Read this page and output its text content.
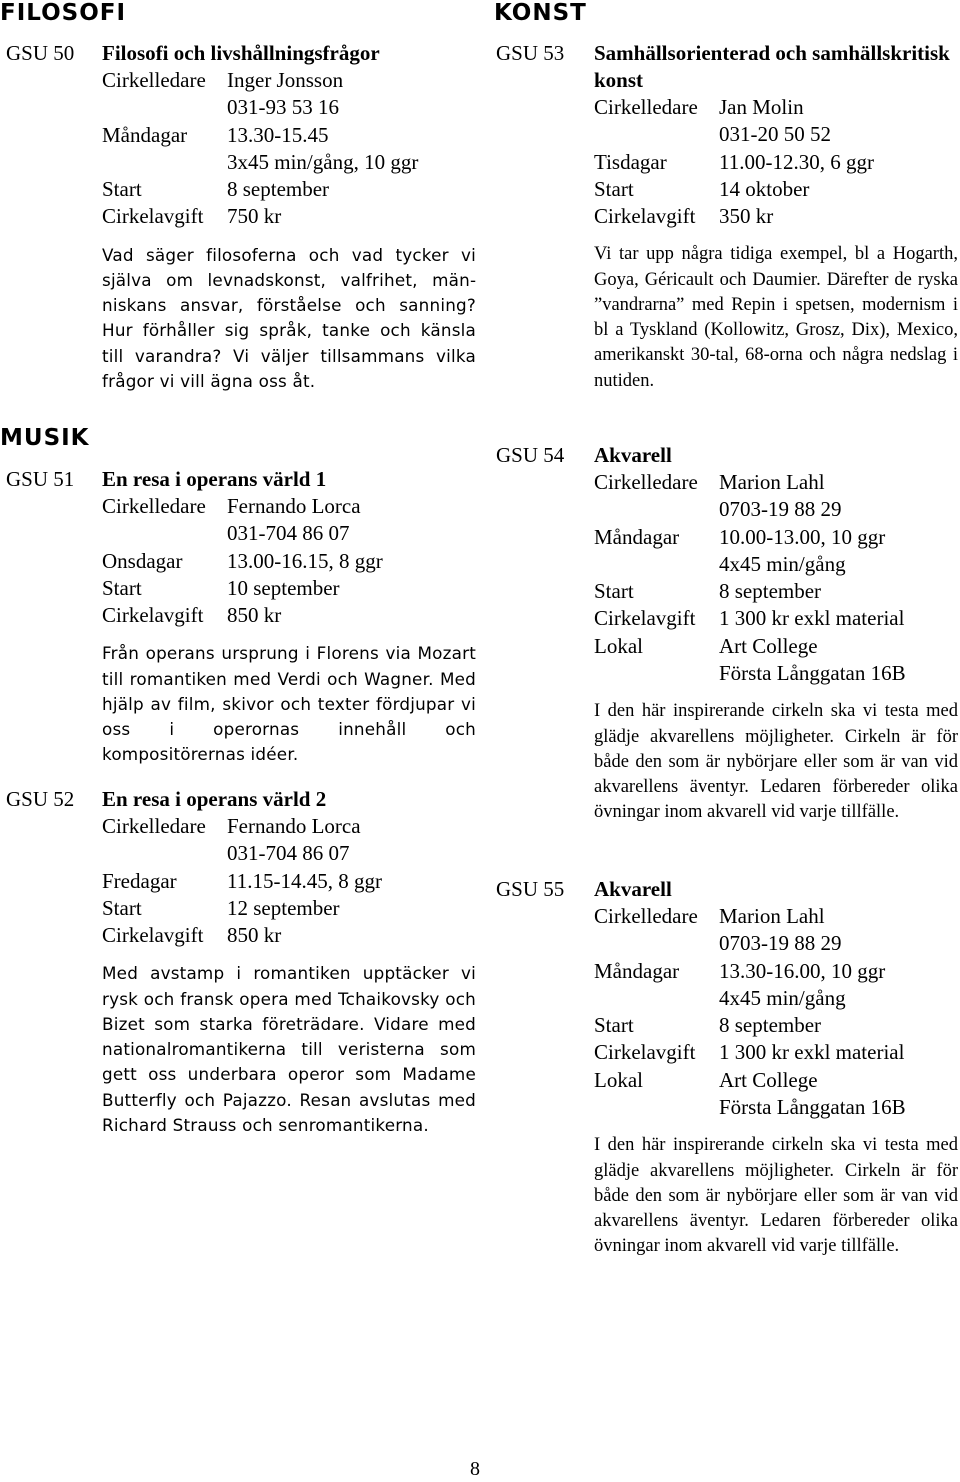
FILOSOFI
MUSIK
KONST
GSU 50 Filosofi och livshållningsfrågor
Cirkelledare	Inger Jonsson
031-93 53 16
Måndagar	13.30-15.45
3x45 min/gång, 10 ggr
Start	8 september
Cirkelavgift	750 kr
Vad säger filosoferna och vad tycker vi själva om levnadskonst, valfrihet, människans ansvar, förståelse och sanning? Hur förhåller sig språk, tanke och känsla till varandra? Vi väljer tillsammans vilka frågor vi vill ägna oss åt.
GSU 51 En resa i operans värld 1
Cirkelledare	Fernando Lorca
031-704 86 07
Onsdagar	13.00-16.15, 8 ggr
Start	10 september
Cirkelavgift	850 kr
Från operans ursprung i Florens via Mozart till romantiken med Verdi och Wagner. Med hjälp av film, skivor och texter fördjupar vi oss i operornas innehåll och kompositörernas idéer.
GSU 52 En resa i operans värld 2
Cirkelledare	Fernando Lorca
031-704 86 07
Fredagar	11.15-14.45, 8 ggr
Start	12 september
Cirkelavgift	850 kr
Med avstamp i romantiken upptäcker vi rysk och fransk opera med Tchaikovsky och Bizet som starka företrädare. Vidare med nationalromantikerna till veristerna som gett oss underbara operor som Madame Butterfly och Pajazzo. Resan avslutas med Richard Strauss och senromantikerna.
GSU 53 Samhällsorienterad och samhällskritisk konst
Cirkelledare	Jan Molin
031-20 50 52
Tisdagar	11.00-12.30, 6 ggr
Start	14 oktober
Cirkelavgift	350 kr
Vi tar upp några tidiga exempel, bl a Hogarth, Goya, Géricault och Daumier. Därefter de ryska ”vandrarna” med Repin i spetsen, modernism i bl a Tyskland (Kollowitz, Grosz, Dix), Mexico, amerikanskt 30-tal, 68-orna och några nedslag i nutiden.
GSU 54 Akvarell
Cirkelledare	Marion Lahl
0703-19 88 29
Måndagar	10.00-13.00, 10 ggr
4x45 min/gång
Start	8 september
Cirkelavgift	1 300 kr exkl material
Lokal	Art College
Första Långgatan 16B
I den här inspirerande cirkeln ska vi testa med glädje akvarellens möjligheter. Cirkeln är för både den som är nybörjare eller som är van vid akvarellens äventyr. Ledaren förbereder olika övningar inom akvarell vid varje tillfälle.
GSU 55 Akvarell
Cirkelledare	Marion Lahl
0703-19 88 29
Måndagar	13.30-16.00, 10 ggr
4x45 min/gång
Start	8 september
Cirkelavgift	1 300 kr exkl material
Lokal	Art College
Första Långgatan 16B
I den här inspirerande cirkeln ska vi testa med glädje akvarellens möjligheter. Cirkeln är för både den som är nybörjare eller som är van vid akvarellens äventyr. Ledaren förbereder olika övningar inom akvarell vid varje tillfälle.
8
